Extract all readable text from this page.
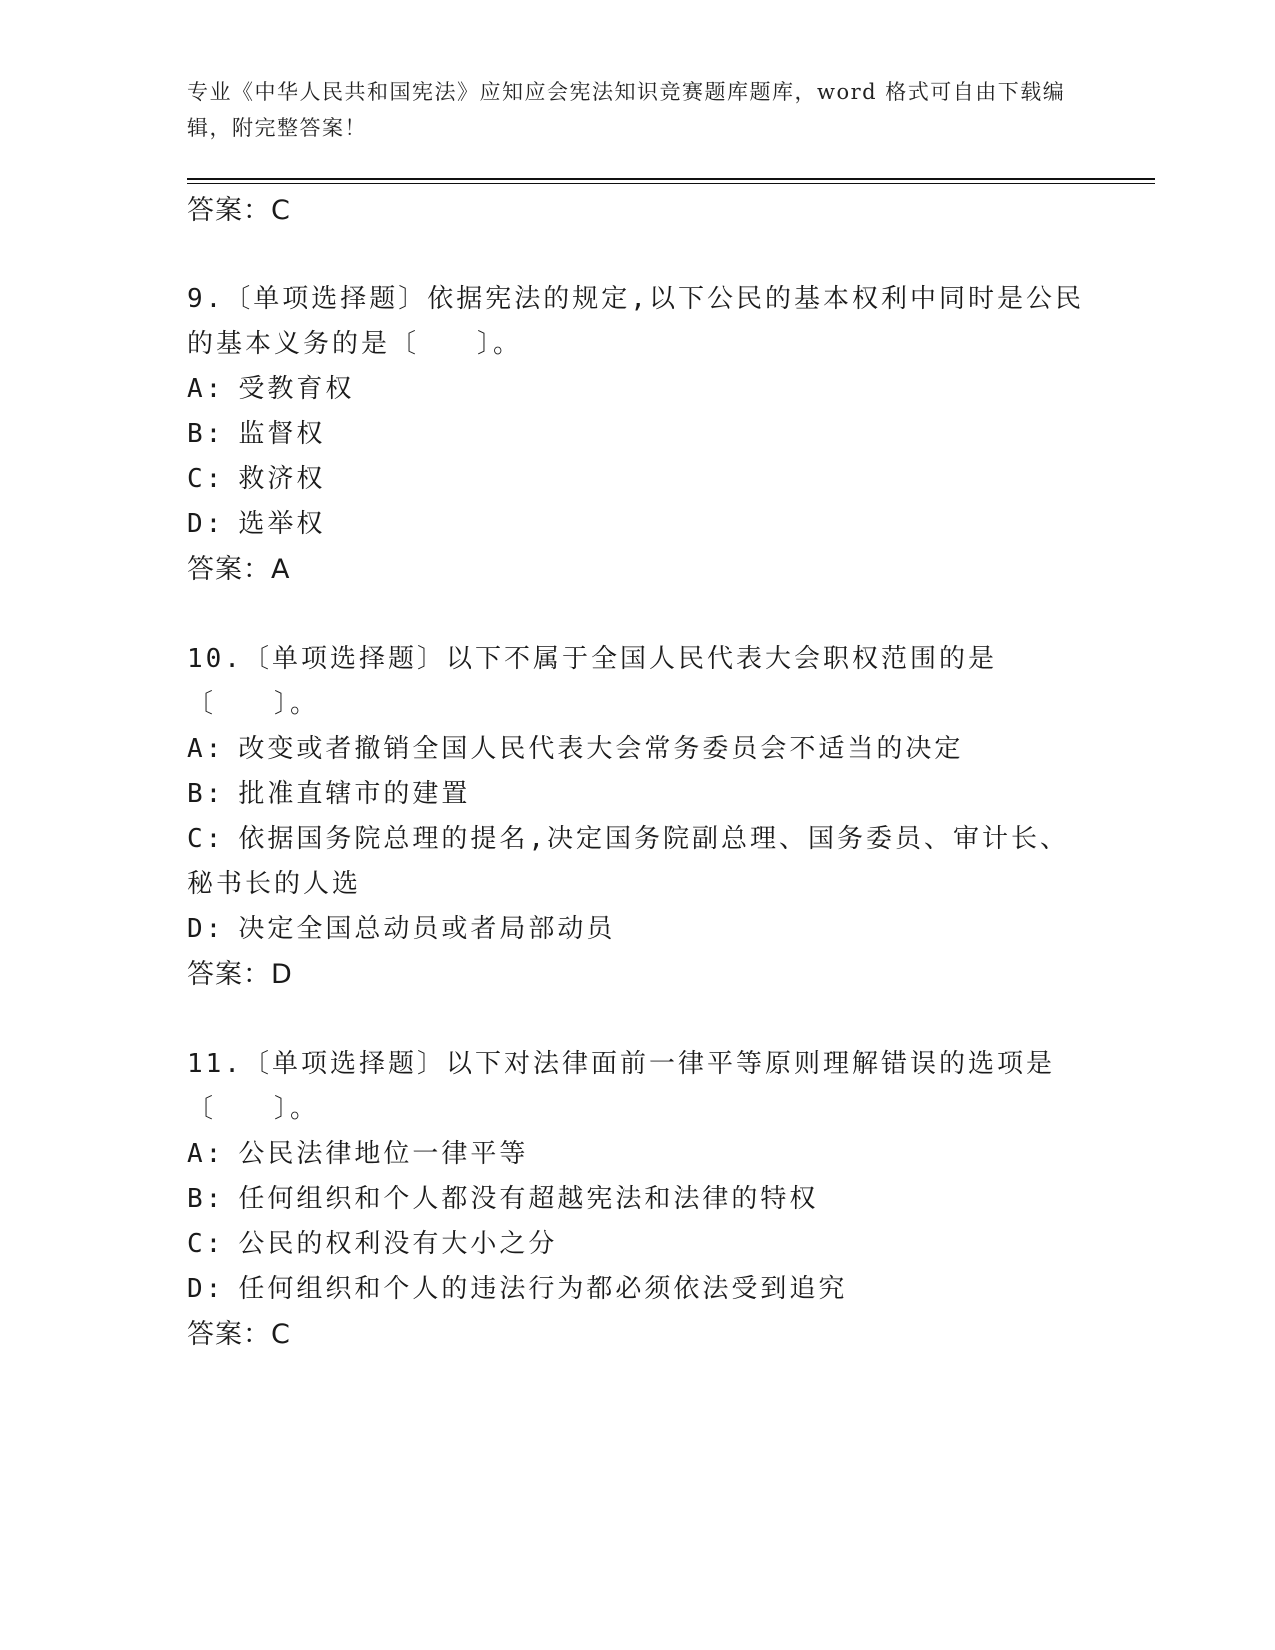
专业《中华人民共和国宪法》应知应会宪法知识竞赛题库题库，word 格式可自由下载编辑，附完整答案！
答案：C

9.〔单项选择题〕依据宪法的规定,以下公民的基本权利中同时是公民的基本义务的是〔　　〕。

A: 受教育权

B: 监督权

C: 救济权

D: 选举权

答案：A

10.〔单项选择题〕以下不属于全国人民代表大会职权范围的是〔　　〕。

A: 改变或者撤销全国人民代表大会常务委员会不适当的决定

B: 批准直辖市的建置

C: 依据国务院总理的提名,决定国务院副总理、国务委员、审计长、秘书长的人选

D: 决定全国总动员或者局部动员

答案：D

11.〔单项选择题〕以下对法律面前一律平等原则理解错误的选项是〔　　〕。

A: 公民法律地位一律平等

B: 任何组织和个人都没有超越宪法和法律的特权

C: 公民的权利没有大小之分

D: 任何组织和个人的违法行为都必须依法受到追究

答案：C
